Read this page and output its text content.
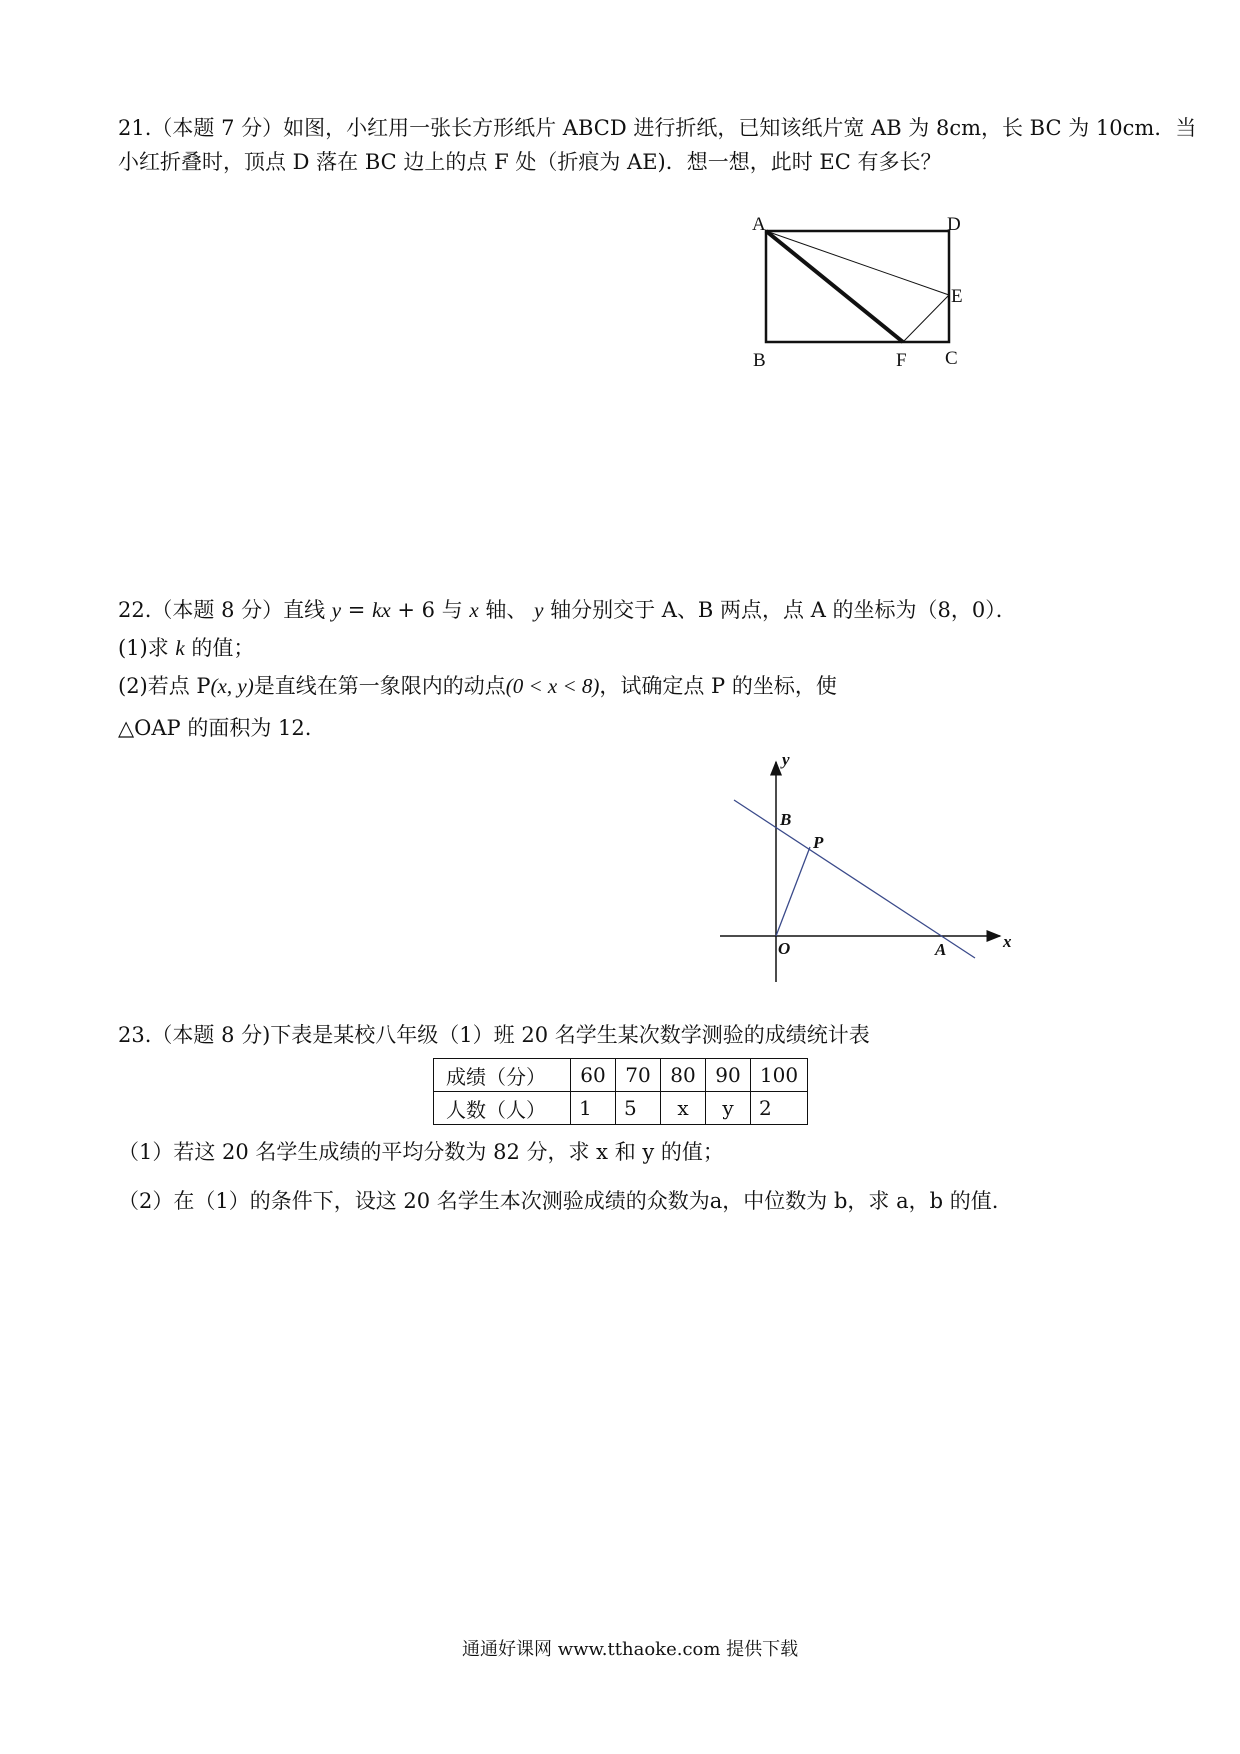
21.（本题 7 分）如图，小红用一张长方形纸片 ABCD 进行折纸，已知该纸片宽 AB 为 8cm，长 BC 为 10cm．当
小红折叠时，顶点 D 落在 BC 边上的点 F 处（折痕为 AE)．想一想，此时 EC 有多长？
A	D
E
B	F C
22.（本题 8 分）直线 y = kx + 6 与 x 轴、 y 轴分别交于 A、B 两点，点 A 的坐标为（8，0）．
(1)求 k 的值；
(2)若点 P(x, y)是直线在第一象限内的动点(0 < x < 8)，试确定点 P 的坐标，使
△OAP 的面积为 12.
y
x
B
P
O	A
23.（本题 8 分)下表是某校八年级（1）班 20 名学生某次数学测验的成绩统计表
成绩（分）	60	70	80	90	100
人数（人）	1	5	x	y	2
（1）若这 20 名学生成绩的平均分数为 82 分，求 x 和 y 的值；
（2）在（1）的条件下，设这 20 名学生本次测验成绩的众数为a，中位数为 b，求 a，b 的值.
通通好课网 www.tthaoke.com 提供下载
